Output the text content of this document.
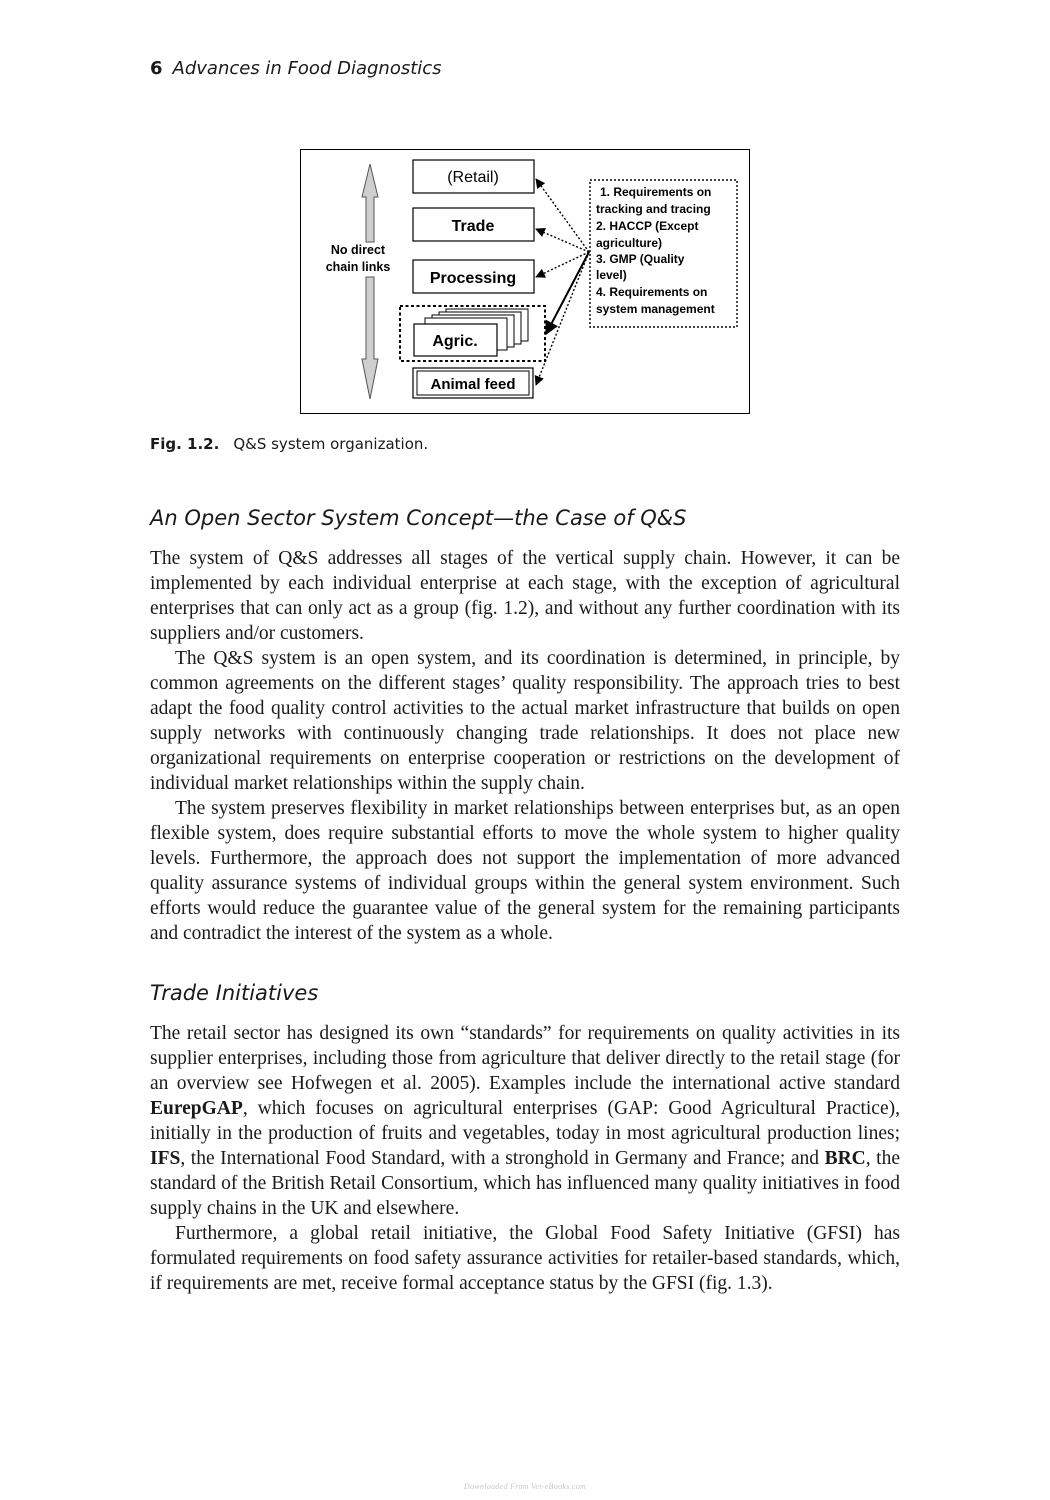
6 Advances in Food Diagnostics
No direct
chain links
(Retail)
Trade
Processing
Agric.
Animal feed
1. Requirements on
tracking and tracing
2. HACCP (Except
agriculture)
3. GMP (Quality
level)
4. Requirements on
system management
Fig. 1.2. Q&S system organization.
An Open Sector System Concept—the Case of Q&S

The system of Q&S addresses all stages of the vertical supply chain. However, it can be implemented by each individual enterprise at each stage, with the exception of agricultural enterprises that can only act as a group (fig. 1.2), and without any further coordination with its suppliers and/or customers.

The Q&S system is an open system, and its coordination is determined, in principle, by common agreements on the different stages’ quality responsibility. The approach tries to best adapt the food quality control activities to the actual market infrastructure that builds on open supply networks with continuously changing trade relationships. It does not place new organizational requirements on enterprise cooperation or restrictions on the development of individual market relationships within the supply chain.

The system preserves flexibility in market relationships between enterprises but, as an open flexible system, does require substantial efforts to move the whole system to higher quality levels. Furthermore, the approach does not support the implementation of more advanced quality assurance systems of individual groups within the general system environment. Such efforts would reduce the guarantee value of the general system for the remaining participants and contradict the interest of the system as a whole.

Trade Initiatives

The retail sector has designed its own “standards” for requirements on quality activities in its supplier enterprises, including those from agriculture that deliver directly to the retail stage (for an overview see Hofwegen et al. 2005). Examples include the international active standard EurepGAP, which focuses on agricultural enterprises (GAP: Good Agricultural Practice), initially in the production of fruits and vegetables, today in most agricultural production lines; IFS, the International Food Standard, with a stronghold in Germany and France; and BRC, the standard of the British Retail Consortium, which has influenced many quality initiatives in food supply chains in the UK and elsewhere.

Furthermore, a global retail initiative, the Global Food Safety Initiative (GFSI) has formulated requirements on food safety assurance activities for retailer-based standards, which, if requirements are met, receive formal acceptance status by the GFSI (fig. 1.3).

Downloaded From Vet-eBooks.com
